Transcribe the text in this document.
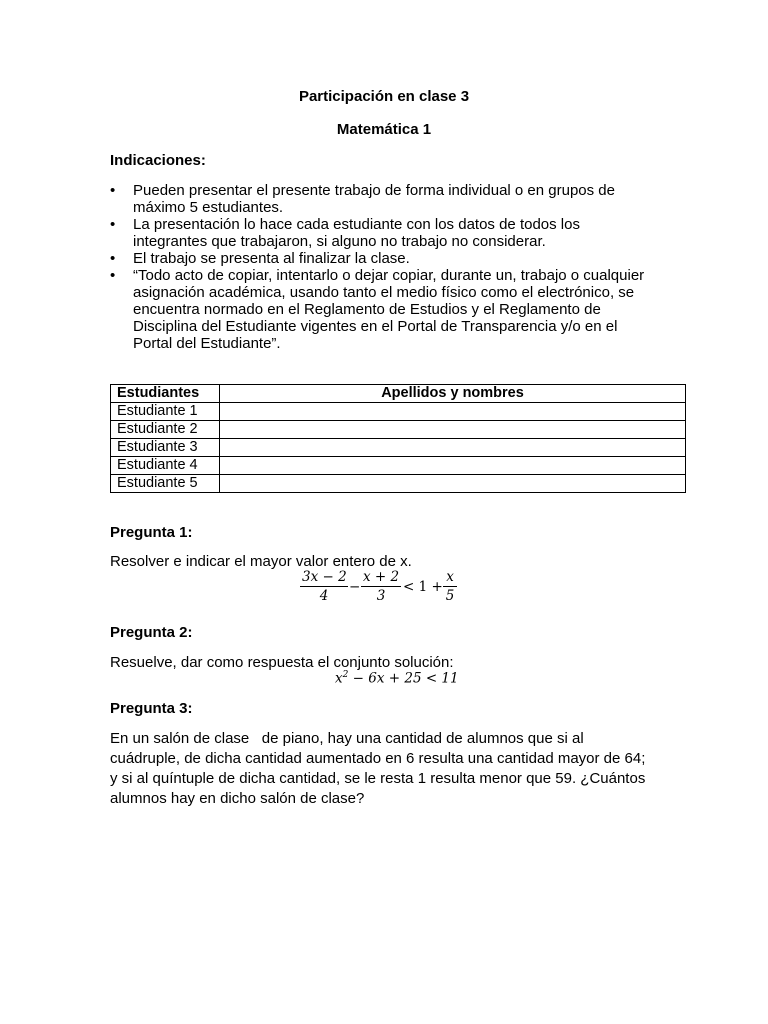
Participación en clase 3
Matemática 1
Indicaciones:
• Pueden presentar el presente trabajo de forma individual o en grupos de máximo 5 estudiantes.
• La presentación lo hace cada estudiante con los datos de todos los integrantes que trabajaron, si alguno no trabajo no considerar.
• El trabajo se presenta al finalizar la clase.
• “Todo acto de copiar, intentarlo o dejar copiar, durante un, trabajo o cualquier asignación académica, usando tanto el medio físico como el electrónico, se encuentra normado en el Reglamento de Estudios y el Reglamento de Disciplina del Estudiante vigentes en el Portal de Transparencia y/o en el Portal del Estudiante”.
Estudiantes	Apellidos y nombres
Estudiante 1	
Estudiante 2	
Estudiante 3	
Estudiante 4	
Estudiante 5	
Pregunta 1:
Resolver e indicar el mayor valor entero de x.
$\frac{3x - 2}{4} - \frac{x + 2}{3} < 1 + \frac{x}{5}$
Pregunta 2:
Resuelve, dar como respuesta el conjunto solución:
$x^2 - 6x + 25 < 11$
Pregunta 3:
En un salón de clase   de piano, hay una cantidad de alumnos que si al cuádruple, de dicha cantidad aumentado en 6 resulta una cantidad mayor de 64; y si al quíntuple de dicha cantidad, se le resta 1 resulta menor que 59. ¿Cuántos alumnos hay en dicho salón de clase?
